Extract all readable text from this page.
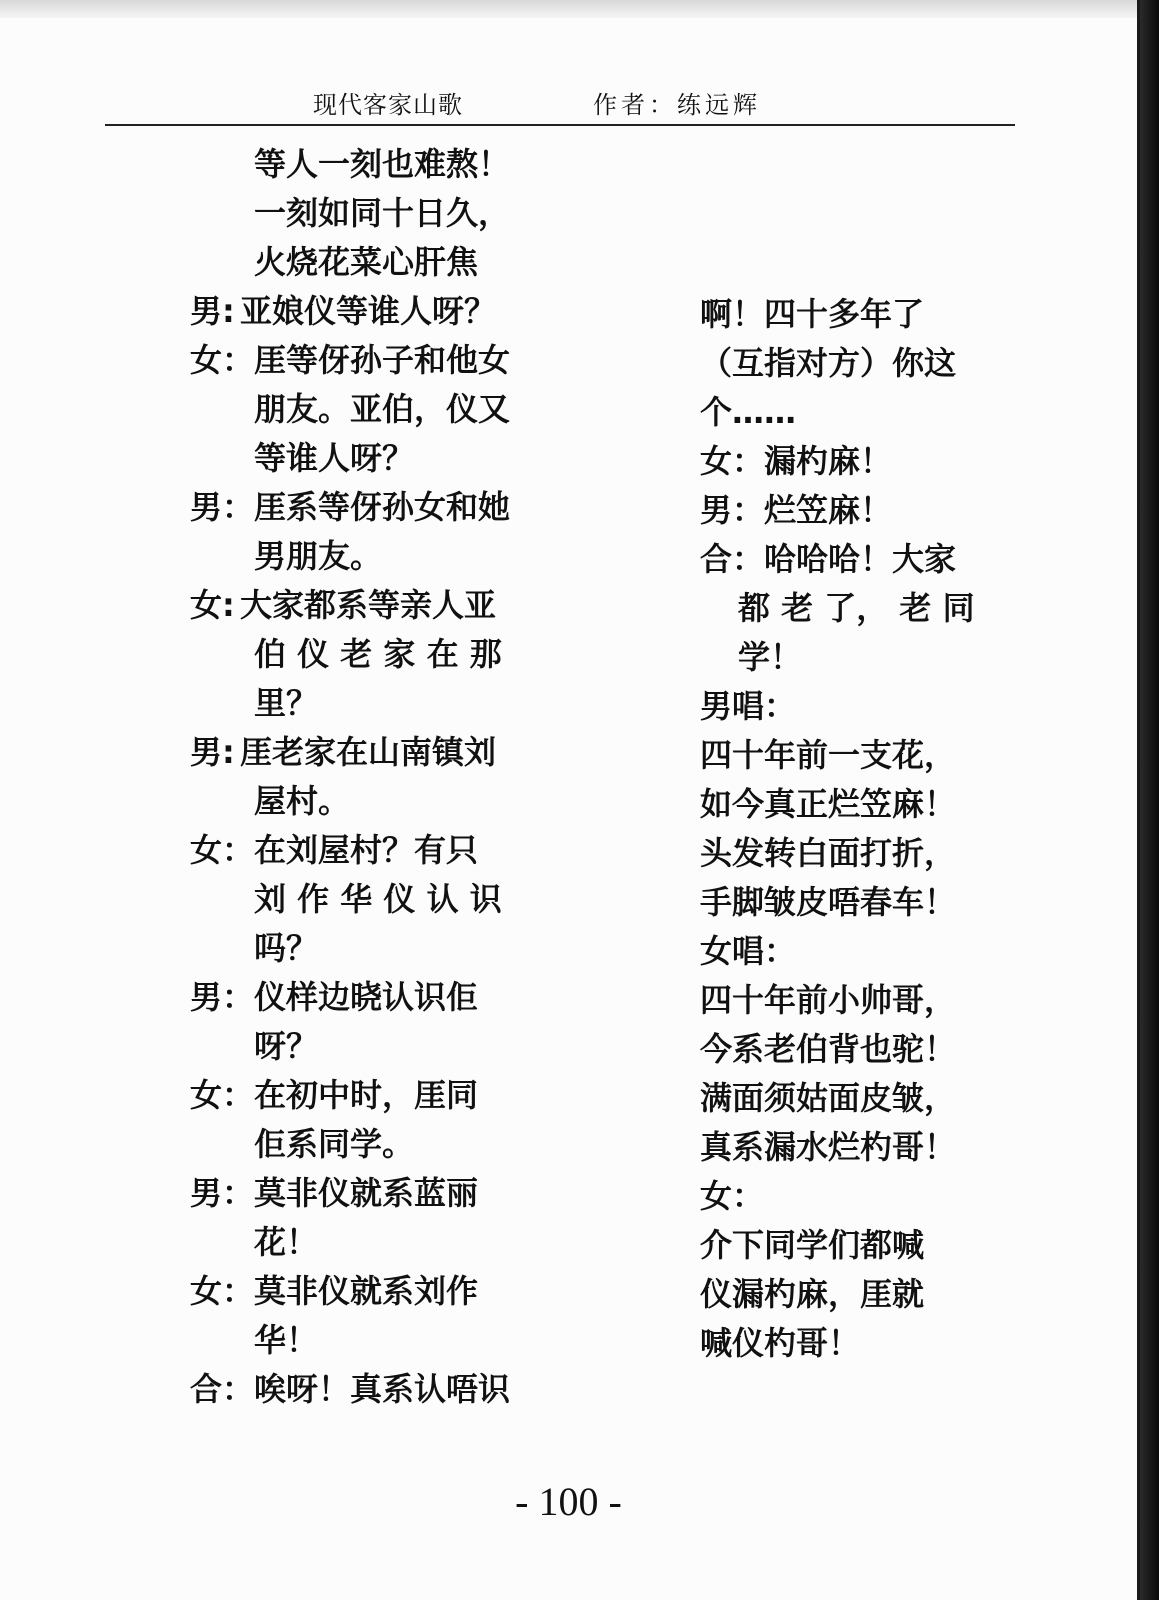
现代客家山歌	作者：练远辉
等人一刻也难熬！
一刻如同十日久，
火烧花菜心肝焦
男: 亚娘仪等谁人呀？
女： 厓等伢孙子和他女
朋友。亚伯，仪又
等谁人呀？
男： 厓系等伢孙女和她
男朋友。
女: 大家都系等亲人亚
伯 仪 老 家 在 那
里？
男: 厓老家在山南镇刘
屋村。
女： 在刘屋村？有只
刘 作 华 仪 认 识
吗？
男： 仪样边晓认识佢
呀？
女： 在初中时，厓同
佢系同学。
男： 莫非仪就系蓝丽
花！
女： 莫非仪就系刘作
华！
合： 唉呀！真系认唔识
啊！四十多年了
（互指对方）你这
个……
女： 漏杓麻！
男： 烂笠麻！
合： 哈哈哈！大家
都 老 了， 老 同
学！
男唱：
四十年前一支花，
如今真正烂笠麻！
头发转白面打折，
手脚皱皮唔春车！
女唱：
四十年前小帅哥，
今系老伯背也驼！
满面须姑面皮皱，
真系漏水烂杓哥！
女：
介下同学们都喊
仪漏杓麻，厓就
喊仪杓哥！
- 100 -
